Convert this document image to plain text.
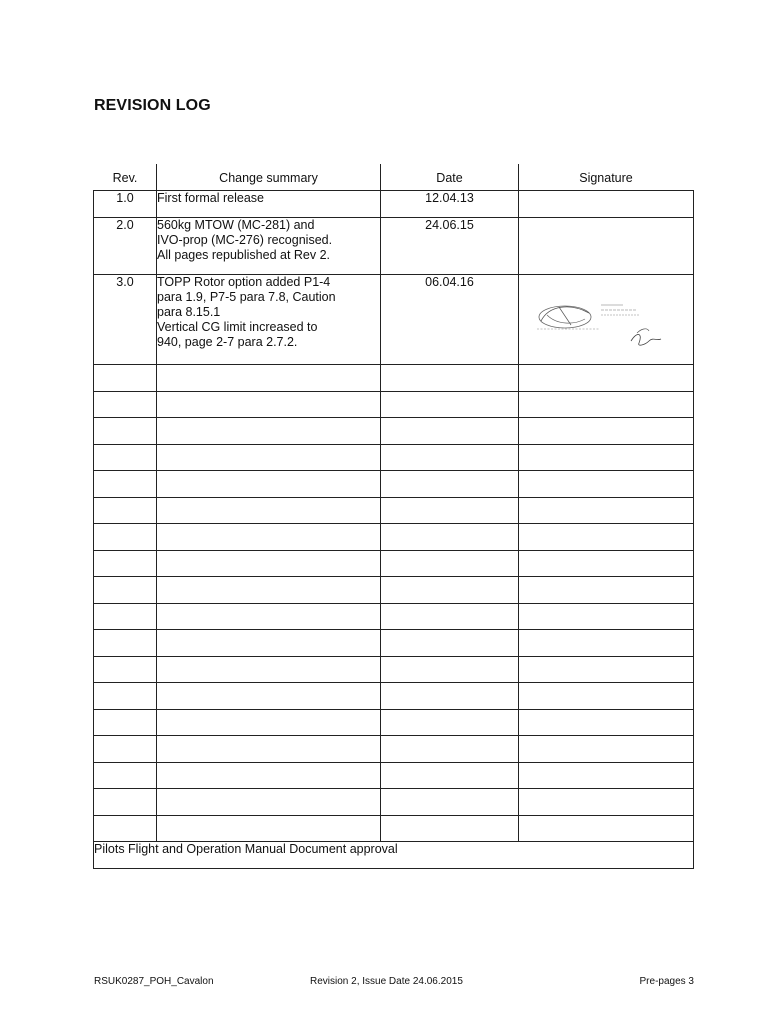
REVISION LOG
Rev.	Change summary	Date	Signature
1.0	First formal release	12.04.13	
2.0	560kg MTOW (MC-281) and
IVO-prop (MC-276) recognised.
All pages republished at Rev 2.	24.06.15	
3.0	TOPP Rotor option added P1-4
para 1.9, P7-5 para 7.8, Caution
para 8.15.1
Vertical CG limit increased to
940, page 2-7 para 2.7.2.	06.04.16	

Pilots Flight and Operation Manual Document approval			
RSUK0287_POH_Cavalon	Revision 2, Issue Date 24.06.2015	Pre-pages 3
